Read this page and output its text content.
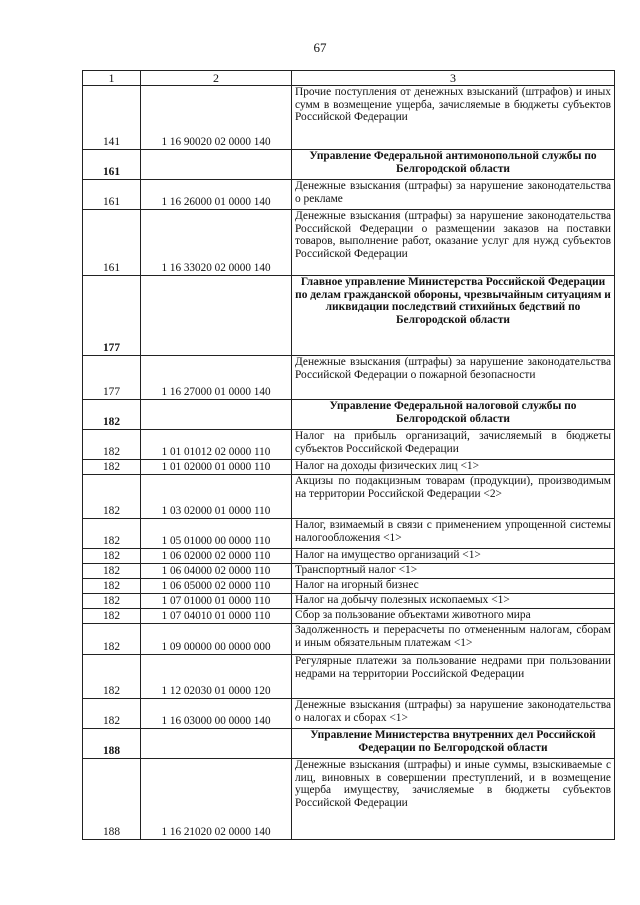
67
1	2	3
141	1 16 90020 02 0000 140	Прочие поступления от денежных взысканий (штрафов) и иных сумм в возмещение ущерба, зачисляемые в бюджеты субъектов Российской Федерации
161		Управление Федеральной антимонопольной службы по Белгородской области
161	1 16 26000 01 0000 140	Денежные взыскания (штрафы) за нарушение законодательства о рекламе
161	1 16 33020 02 0000 140	Денежные взыскания (штрафы) за нарушение законодательства Российской Федерации о размещении заказов на поставки товаров, выполнение работ, оказание услуг для нужд субъектов Российской Федерации
177		Главное управление Министерства Российской Федерации по делам гражданской обороны, чрезвычайным ситуациям и ликвидации последствий стихийных бедствий по Белгородской области
177	1 16 27000 01 0000 140	Денежные взыскания (штрафы) за нарушение законодательства Российской Федерации о пожарной безопасности
182		Управление Федеральной налоговой службы по Белгородской области
182	1 01 01012 02 0000 110	Налог на прибыль организаций, зачисляемый в бюджеты субъектов Российской Федерации
182	1 01 02000 01 0000 110	Налог на доходы физических лиц <1>
182	1 03 02000 01 0000 110	Акцизы по подакцизным товарам (продукции), производимым на территории Российской Федерации <2>
182	1 05 01000 00 0000 110	Налог, взимаемый в связи с применением упрощенной системы налогообложения <1>
182	1 06 02000 02 0000 110	Налог на имущество организаций <1>
182	1 06 04000 02 0000 110	Транспортный налог <1>
182	1 06 05000 02 0000 110	Налог на игорный бизнес
182	1 07 01000 01 0000 110	Налог на добычу полезных ископаемых <1>
182	1 07 04010 01 0000 110	Сбор за пользование объектами животного мира
182	1 09 00000 00 0000 000	Задолженность и перерасчеты по отмененным налогам, сборам и иным обязательным платежам <1>
182	1 12 02030 01 0000 120	Регулярные платежи за пользование недрами при пользовании недрами на территории Российской Федерации
182	1 16 03000 00 0000 140	Денежные взыскания (штрафы) за нарушение законодательства о налогах и сборах <1>
188		Управление Министерства внутренних дел Российской Федерации по Белгородской области
188	1 16 21020 02 0000 140	Денежные взыскания (штрафы) и иные суммы, взыскиваемые с лиц, виновных в совершении преступлений, и в возмещение ущерба имуществу, зачисляемые в бюджеты субъектов Российской Федерации
